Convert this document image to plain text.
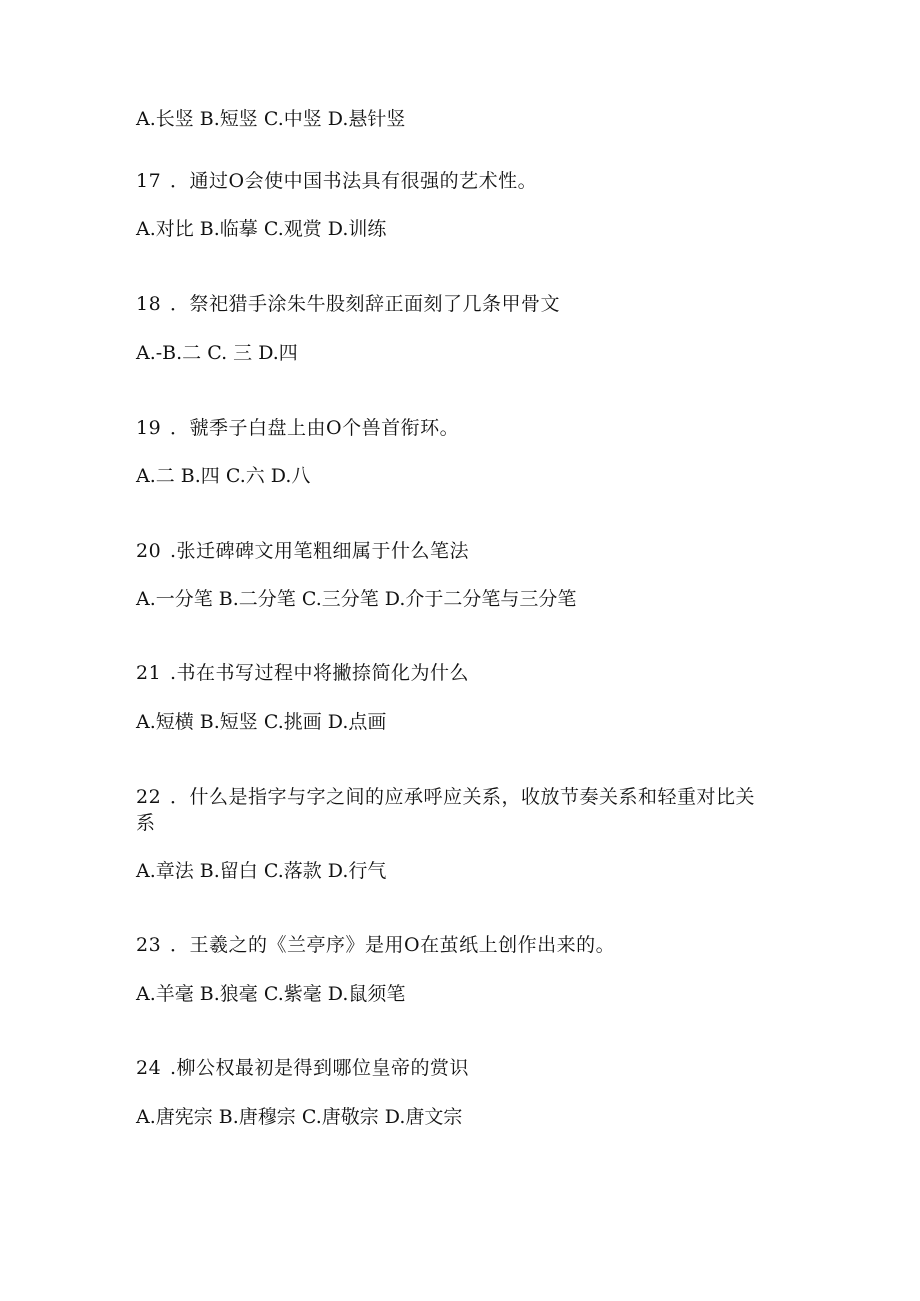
A.长竖 B.短竖 C.中竖 D.悬针竖

17 ．通过O会使中国书法具有很强的艺术性。

A.对比 B.临摹 C.观赏 D.训练

18 ．祭祀猎手涂朱牛股刻辞正面刻了几条甲骨文

A.-B.二 C. 三 D.四

19 ．虢季子白盘上由O个兽首衔环。

A.二 B.四 C.六 D.八

20 .张迁碑碑文用笔粗细属于什么笔法

A.一分笔 B.二分笔 C.三分笔 D.介于二分笔与三分笔

21 .书在书写过程中将撇捺简化为什么

A.短横 B.短竖 C.挑画 D.点画

22 ．什么是指字与字之间的应承呼应关系，收放节奏关系和轻重对比关

系

A.章法 B.留白 C.落款 D.行气

23 ．王羲之的《兰亭序》是用O在茧纸上创作出来的。

A.羊毫 B.狼毫 C.紫毫 D.鼠须笔

24 .柳公权最初是得到哪位皇帝的赏识

A.唐宪宗 B.唐穆宗 C.唐敬宗 D.唐文宗
